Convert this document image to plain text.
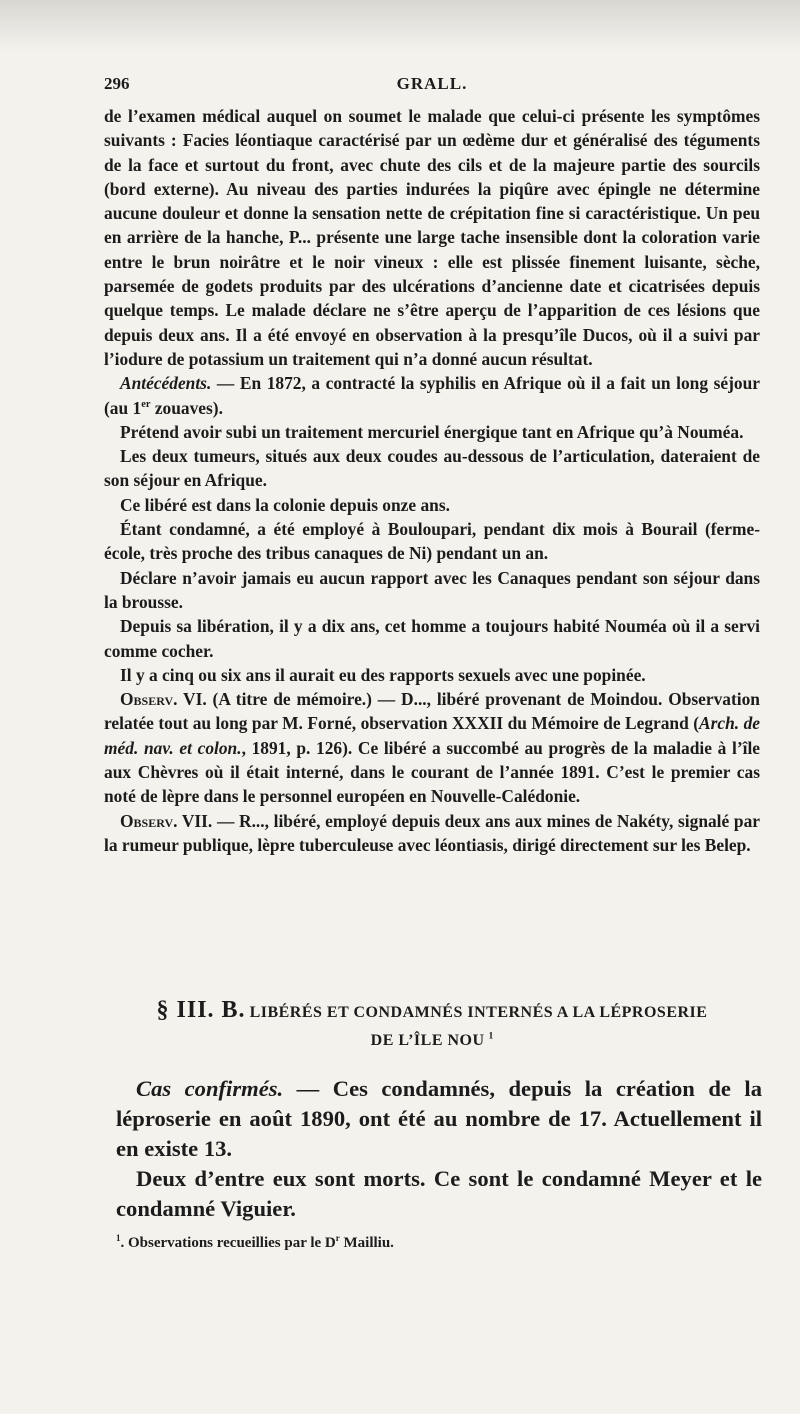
296	GRALL.

de l’examen médical auquel on soumet le malade que celui-ci présente les symptômes suivants : Facies léontiaque caractérisé par un œdème dur et généralisé des téguments de la face et surtout du front, avec chute des cils et de la majeure partie des sourcils (bord externe). Au niveau des parties indurées la piqûre avec épingle ne détermine aucune douleur et donne la sensation nette de crépitation fine si caractéristique. Un peu en arrière de la hanche, P... présente une large tache insensible dont la coloration varie entre le brun noirâtre et le noir vineux : elle est plissée finement luisante, sèche, parsemée de godets produits par des ulcérations d’ancienne date et cicatrisées depuis quelque temps. Le malade déclare ne s’être aperçu de l’apparition de ces lésions que depuis deux ans. Il a été envoyé en observation à la presqu’île Ducos, où il a suivi par l’iodure de potassium un traitement qui n’a donné aucun résultat.

Antécédents. — En 1872, a contracté la syphilis en Afrique où il a fait un long séjour (au 1er zouaves).

Prétend avoir subi un traitement mercuriel énergique tant en Afrique qu’à Nouméa.

Les deux tumeurs, situés aux deux coudes au-dessous de l’articulation, dateraient de son séjour en Afrique.

Ce libéré est dans la colonie depuis onze ans.

Étant condamné, a été employé à Bouloupari, pendant dix mois à Bourail (ferme-école, très proche des tribus canaques de Ni) pendant un an.

Déclare n’avoir jamais eu aucun rapport avec les Canaques pendant son séjour dans la brousse.

Depuis sa libération, il y a dix ans, cet homme a toujours habité Nouméa où il a servi comme cocher.

Il y a cinq ou six ans il aurait eu des rapports sexuels avec une popinée.

Observ. VI. (A titre de mémoire.) — D..., libéré provenant de Moindou. Observation relatée tout au long par M. Forné, observation XXXII du Mémoire de Legrand (Arch. de méd. nav. et colon., 1891, p. 126). Ce libéré a succombé au progrès de la maladie à l’île aux Chèvres où il était interné, dans le courant de l’année 1891. C’est le premier cas noté de lèpre dans le personnel européen en Nouvelle-Calédonie.

Observ. VII. — R..., libéré, employé depuis deux ans aux mines de Nakéty, signalé par la rumeur publique, lèpre tuberculeuse avec léontiasis, dirigé directement sur les Belep.

§ III. B. LIBÉRÉS ET CONDAMNÉS INTERNÉS A LA LÉPROSERIE
DE L’ÎLE NOU $^1$

Cas confirmés. — Ces condamnés, depuis la création de la léproserie en août 1890, ont été au nombre de 17. Actuellement il en existe 13.

Deux d’entre eux sont morts. Ce sont le condamné Meyer et le condamné Viguier.

$^1$. Observations recueillies par le $D^r$ Mailliu.
